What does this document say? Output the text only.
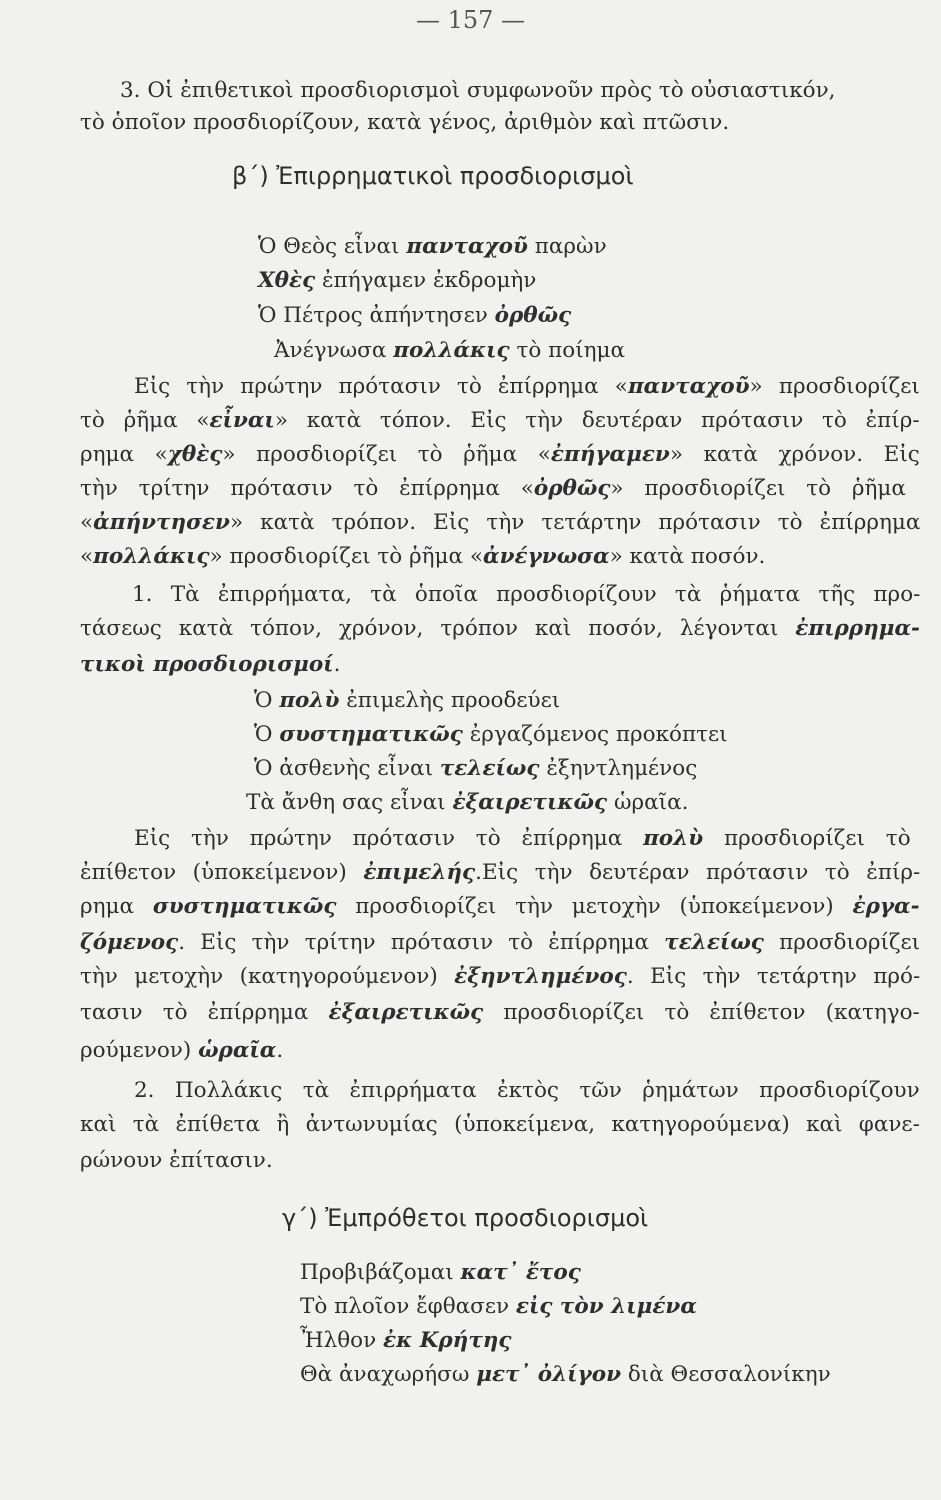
— 157 —
3. Οἱ ἐπιθετικοὶ προσδιορισμοὶ συμφωνοῦν πρὸς τὸ οὐσιαστικόν,
τὸ ὁποῖον προσδιορίζουν, κατὰ γένος, ἀριθμὸν καὶ πτῶσιν.
β΄) Ἐπιρρηματικοὶ προσδιορισμοὶ
Ὁ Θεὸς εἶναι πανταχοῦ παρὼν
Χθὲς ἐπήγαμεν ἐκδρομὴν
Ὁ Πέτρος ἀπήντησεν ὀρθῶς
Ἀνέγνωσα πολλάκις τὸ ποίημα
Εἰς τὴν πρώτην πρότασιν τὸ ἐπίρρημα «πανταχοῦ» προσδιορίζει
τὸ ῥῆμα «εἶναι» κατὰ τόπον. Εἰς τὴν δευτέραν πρότασιν τὸ ἐπίρ-
ρημα «χθὲς» προσδιορίζει τὸ ῥῆμα «ἐπήγαμεν» κατὰ χρόνον. Εἰς
τὴν τρίτην πρότασιν τὸ ἐπίρρημα «ὀρθῶς» προσδιορίζει τὸ ῥῆμα
«ἀπήντησεν» κατὰ τρόπον. Εἰς τὴν τετάρτην πρότασιν τὸ ἐπίρρημα
«πολλάκις» προσδιορίζει τὸ ῥῆμα «ἀνέγνωσα» κατὰ ποσόν.
1. Τὰ ἐπιρρήματα, τὰ ὁποῖα προσδιορίζουν τὰ ῥήματα τῆς προ-
τάσεως κατὰ τόπον, χρόνον, τρόπον καὶ ποσόν, λέγονται ἐπιρρημα-
τικοὶ προσδιορισμοί.
Ὁ πολὺ ἐπιμελὴς προοδεύει
Ὁ συστηματικῶς ἐργαζόμενος προκόπτει
Ὁ ἀσθενὴς εἶναι τελείως ἐξηντλημένος
Τὰ ἄνθη σας εἶναι ἐξαιρετικῶς ὡραῖα.
Εἰς τὴν πρώτην πρότασιν τὸ ἐπίρρημα πολὺ προσδιορίζει τὸ
ἐπίθετον (ὑποκείμενον) ἐπιμελής.Εἰς τὴν δευτέραν πρότασιν τὸ ἐπίρ-
ρημα συστηματικῶς προσδιορίζει τὴν μετοχὴν (ὑποκείμενον) ἐργα-
ζόμενος. Εἰς τὴν τρίτην πρότασιν τὸ ἐπίρρημα τελείως προσδιορίζει
τὴν μετοχὴν (κατηγορούμενον) ἐξηντλημένος. Εἰς τὴν τετάρτην πρό-
τασιν τὸ ἐπίρρημα ἐξαιρετικῶς προσδιορίζει τὸ ἐπίθετον (κατηγο-
ρούμενον) ὡραῖα.
2. Πολλάκις τὰ ἐπιρρήματα ἐκτὸς τῶν ῥημάτων προσδιορίζουν
καὶ τὰ ἐπίθετα ἢ ἀντωνυμίας (ὑποκείμενα, κατηγορούμενα) καὶ φανε-
ρώνουν ἐπίτασιν.
γ΄) Ἐμπρόθετοι προσδιορισμοὶ
Προβιβάζομαι κατ᾽ ἔτος
Τὸ πλοῖον ἔφθασεν εἰς τὸν λιμένα
Ἦλθον ἐκ Κρήτης
Θὰ ἀναχωρήσω μετ᾽ ὀλίγον διὰ Θεσσαλονίκην
